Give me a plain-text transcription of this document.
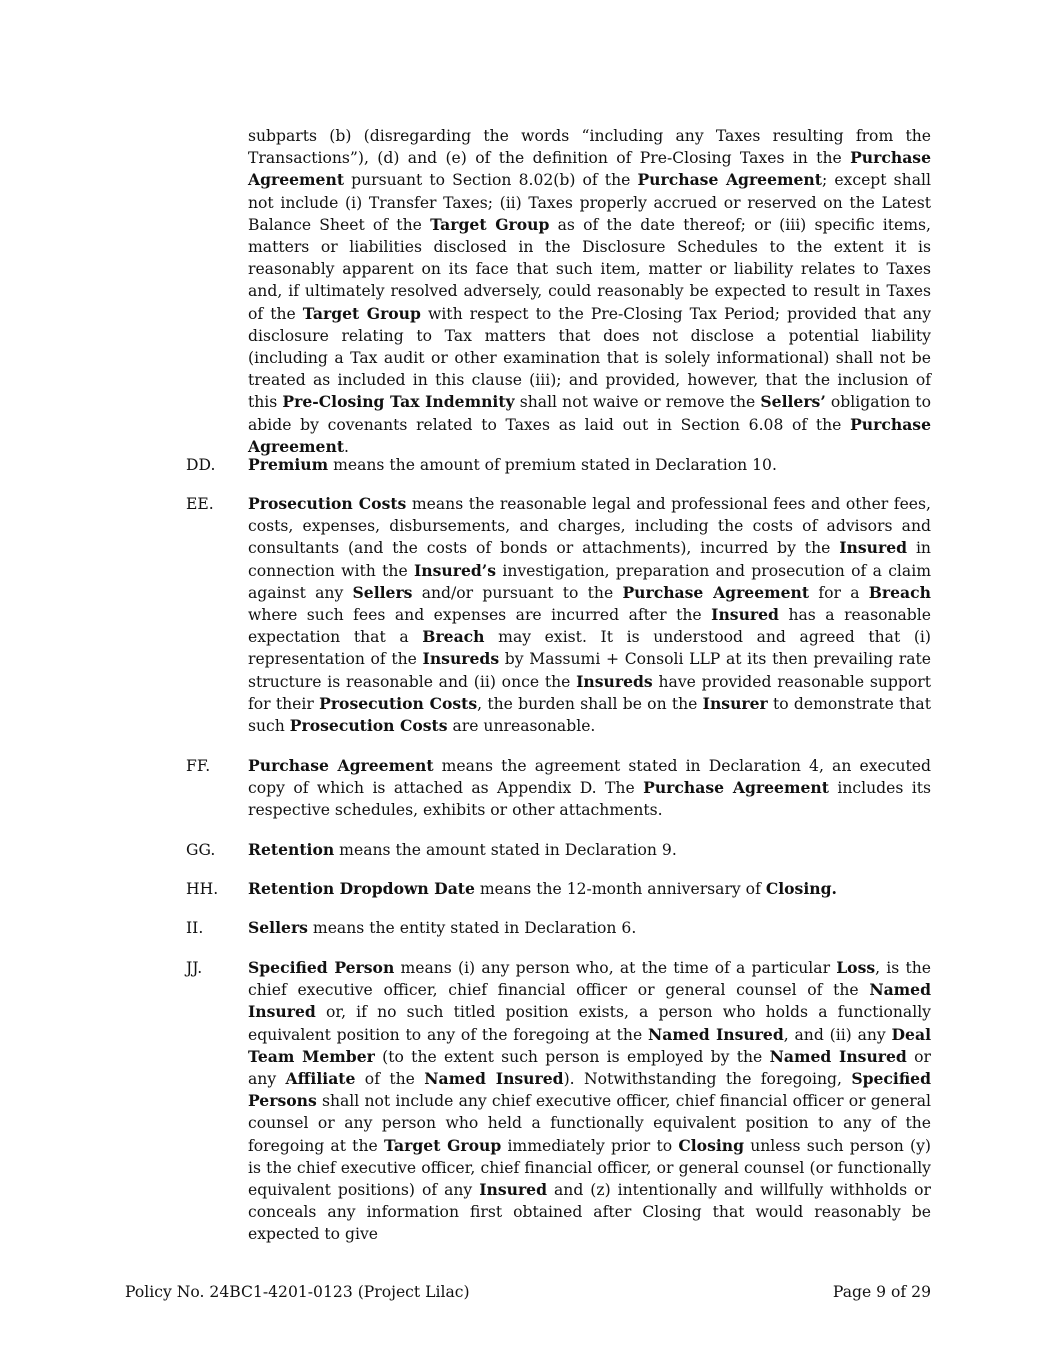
subparts (b) (disregarding the words “including any Taxes resulting from the Transactions”), (d) and (e) of the definition of Pre-Closing Taxes in the Purchase Agreement pursuant to Section 8.02(b) of the Purchase Agreement; except shall not include (i) Transfer Taxes; (ii) Taxes properly accrued or reserved on the Latest Balance Sheet of the Target Group as of the date thereof; or (iii) specific items, matters or liabilities disclosed in the Disclosure Schedules to the extent it is reasonably apparent on its face that such item, matter or liability relates to Taxes and, if ultimately resolved adversely, could reasonably be expected to result in Taxes of the Target Group with respect to the Pre-Closing Tax Period; provided that any disclosure relating to Tax matters that does not disclose a potential liability (including a Tax audit or other examination that is solely informational) shall not be treated as included in this clause (iii); and provided, however, that the inclusion of this Pre-Closing Tax Indemnity shall not waive or remove the Sellers’ obligation to abide by covenants related to Taxes as laid out in Section 6.08 of the Purchase Agreement.
DD.	Premium means the amount of premium stated in Declaration 10.
EE.	Prosecution Costs means the reasonable legal and professional fees and other fees, costs, expenses, disbursements, and charges, including the costs of advisors and consultants (and the costs of bonds or attachments), incurred by the Insured in connection with the Insured’s investigation, preparation and prosecution of a claim against any Sellers and/or pursuant to the Purchase Agreement for a Breach where such fees and expenses are incurred after the Insured has a reasonable expectation that a Breach may exist. It is understood and agreed that (i) representation of the Insureds by Massumi + Consoli LLP at its then prevailing rate structure is reasonable and (ii) once the Insureds have provided reasonable support for their Prosecution Costs, the burden shall be on the Insurer to demonstrate that such Prosecution Costs are unreasonable.
FF.	Purchase Agreement means the agreement stated in Declaration 4, an executed copy of which is attached as Appendix D. The Purchase Agreement includes its respective schedules, exhibits or other attachments.
GG.	Retention means the amount stated in Declaration 9.
HH.	Retention Dropdown Date means the 12-month anniversary of Closing.
II.	Sellers means the entity stated in Declaration 6.
JJ.	Specified Person means (i) any person who, at the time of a particular Loss, is the chief executive officer, chief financial officer or general counsel of the Named Insured or, if no such titled position exists, a person who holds a functionally equivalent position to any of the foregoing at the Named Insured, and (ii) any Deal Team Member (to the extent such person is employed by the Named Insured or any Affiliate of the Named Insured). Notwithstanding the foregoing, Specified Persons shall not include any chief executive officer, chief financial officer or general counsel or any person who held a functionally equivalent position to any of the foregoing at the Target Group immediately prior to Closing unless such person (y) is the chief executive officer, chief financial officer, or general counsel (or functionally equivalent positions) of any Insured and (z) intentionally and willfully withholds or conceals any information first obtained after Closing that would reasonably be expected to give
Policy No. 24BC1-4201-0123 (Project Lilac)	Page 9 of 29
